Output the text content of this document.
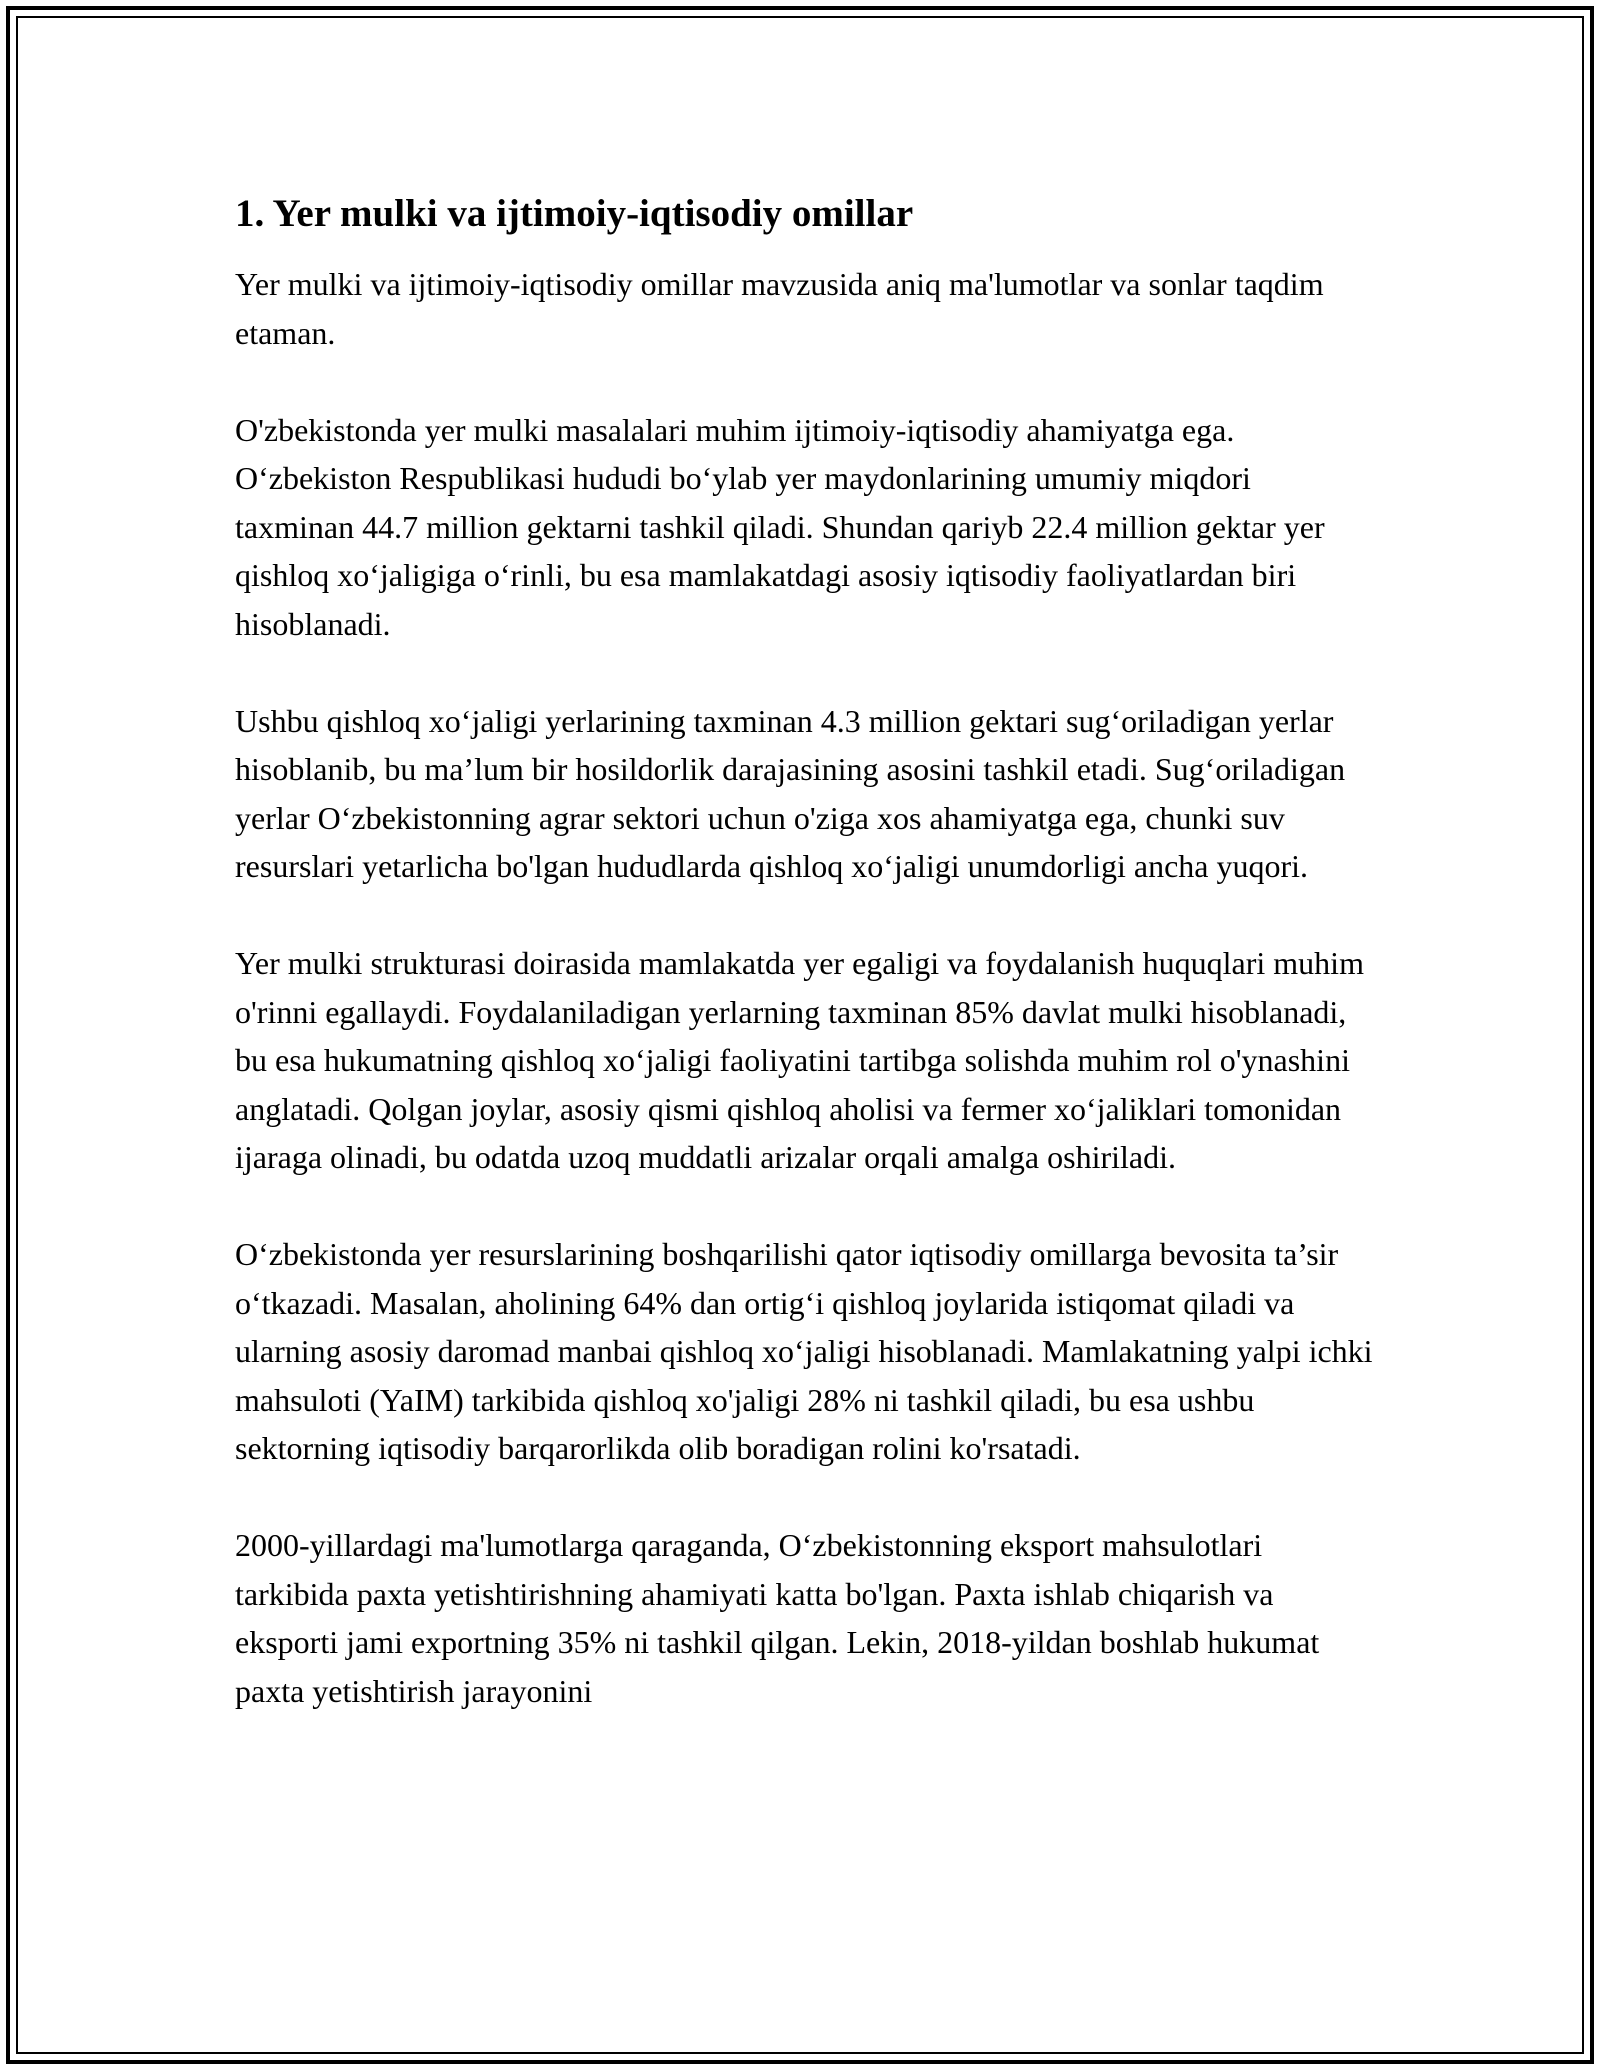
1. Yer mulki va ijtimoiy-iqtisodiy omillar

Yer mulki va ijtimoiy-iqtisodiy omillar mavzusida aniq ma'lumotlar va sonlar taqdim etaman.

O'zbekistonda yer mulki masalalari muhim ijtimoiy-iqtisodiy ahamiyatga ega. O‘zbekiston Respublikasi hududi bo‘ylab yer maydonlarining umumiy miqdori taxminan 44.7 million gektarni tashkil qiladi. Shundan qariyb 22.4 million gektar yer qishloq xo‘jaligiga o‘rinli, bu esa mamlakatdagi asosiy iqtisodiy faoliyatlardan biri hisoblanadi.

Ushbu qishloq xo‘jaligi yerlarining taxminan 4.3 million gektari sug‘oriladigan yerlar hisoblanib, bu ma’lum bir hosildorlik darajasining asosini tashkil etadi. Sug‘oriladigan yerlar O‘zbekistonning agrar sektori uchun o'ziga xos ahamiyatga ega, chunki suv resurslari yetarlicha bo'lgan hududlarda qishloq xo‘jaligi unumdorligi ancha yuqori.

Yer mulki strukturasi doirasida mamlakatda yer egaligi va foydalanish huquqlari muhim o'rinni egallaydi. Foydalaniladigan yerlarning taxminan 85% davlat mulki hisoblanadi, bu esa hukumatning qishloq xo‘jaligi faoliyatini tartibga solishda muhim rol o'ynashini anglatadi. Qolgan joylar, asosiy qismi qishloq aholisi va fermer xo‘jaliklari tomonidan ijaraga olinadi, bu odatda uzoq muddatli arizalar orqali amalga oshiriladi.

O‘zbekistonda yer resurslarining boshqarilishi qator iqtisodiy omillarga bevosita ta’sir o‘tkazadi. Masalan, aholining 64% dan ortig‘i qishloq joylarida istiqomat qiladi va ularning asosiy daromad manbai qishloq xo‘jaligi hisoblanadi. Mamlakatning yalpi ichki mahsuloti (YaIM) tarkibida qishloq xo'jaligi 28% ni tashkil qiladi, bu esa ushbu sektorning iqtisodiy barqarorlikda olib boradigan rolini ko'rsatadi.

2000-yillardagi ma'lumotlarga qaraganda, O‘zbekistonning eksport mahsulotlari tarkibida paxta yetishtirishning ahamiyati katta bo'lgan. Paxta ishlab chiqarish va eksporti jami exportning 35% ni tashkil qilgan. Lekin, 2018-yildan boshlab hukumat paxta yetishtirish jarayonini
